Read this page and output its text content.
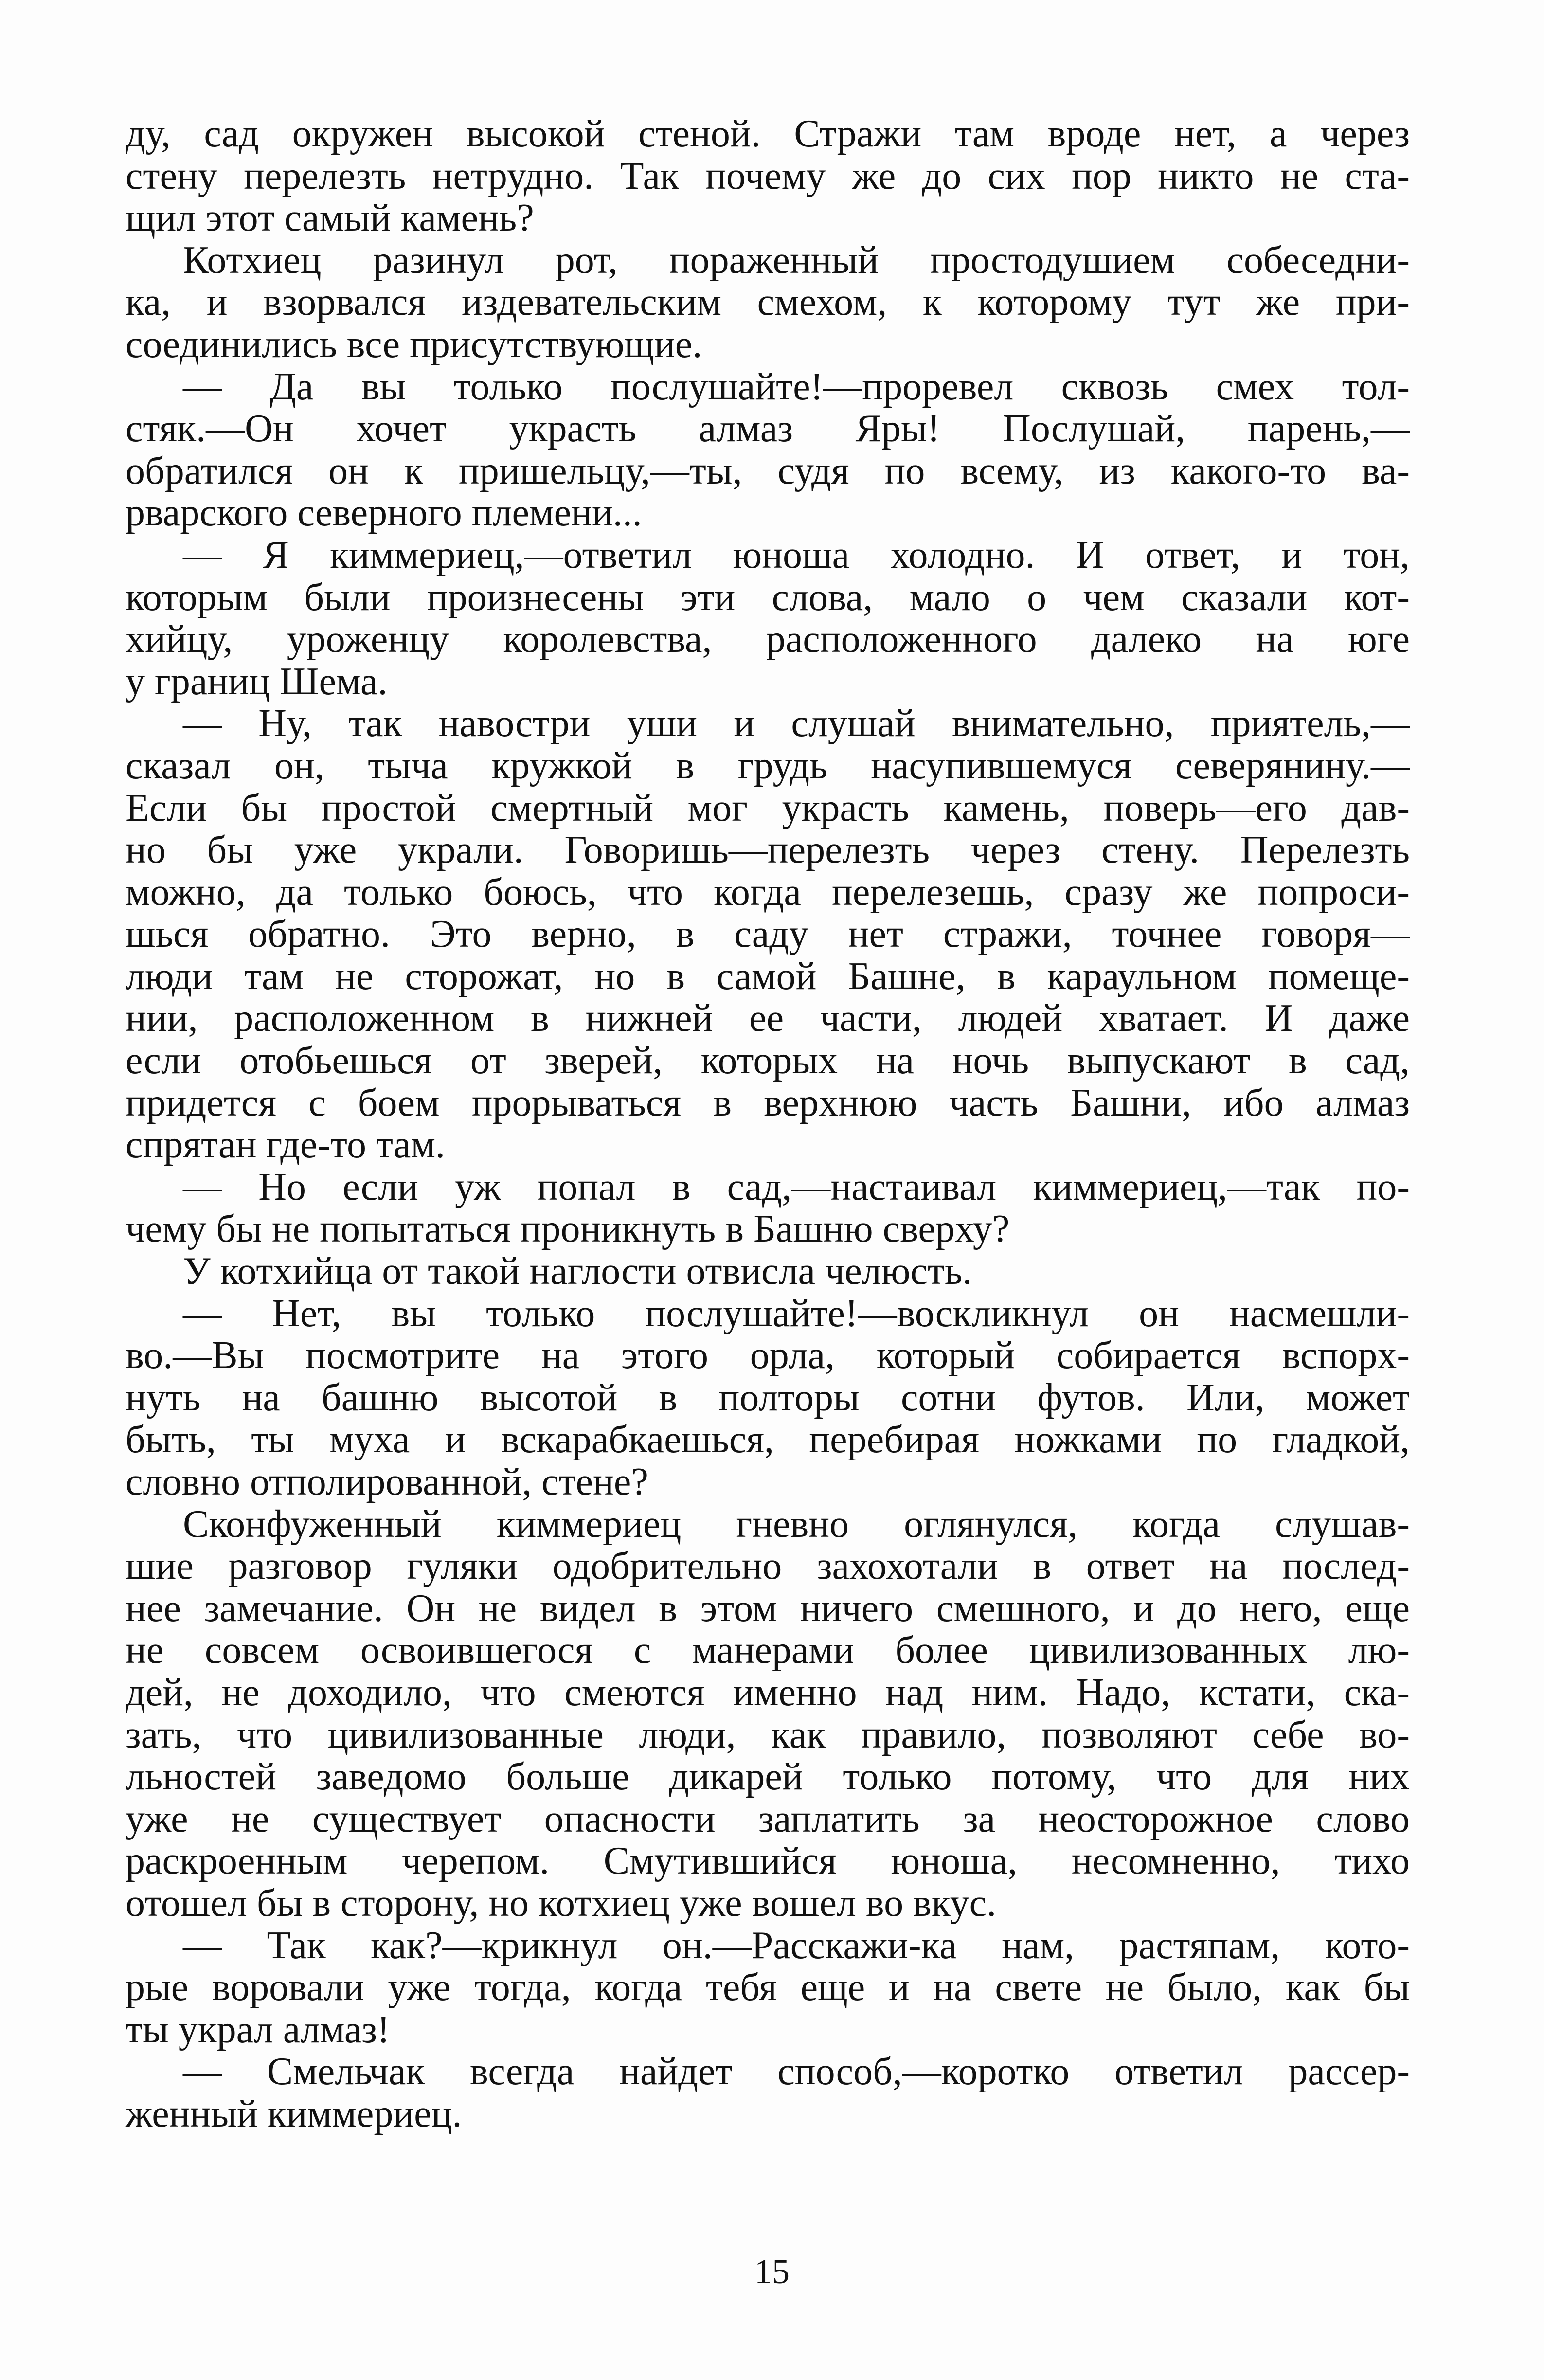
ду, сад окружен высокой стеной. Стражи там вроде нет, а через
стену перелезть нетрудно. Так почему же до сих пор никто не ста-
щил этот самый камень?
Котхиец разинул рот, пораженный простодушием собеседни-
ка, и взорвался издевательским смехом, к которому тут же при-
соединились все присутствующие.
— Да вы только послушайте!—проревел сквозь смех тол-
стяк.—Он хочет украсть алмаз Яры! Послушай, парень,—
обратился он к пришельцу,—ты, судя по всему, из какого-то ва-
рварского северного племени...
— Я киммериец,—ответил юноша холодно. И ответ, и тон,
которым были произнесены эти слова, мало о чем сказали кот-
хийцу, уроженцу королевства, расположенного далеко на юге
у границ Шема.
— Ну, так навостри уши и слушай внимательно, приятель,—
сказал он, тыча кружкой в грудь насупившемуся северянину.—
Если бы простой смертный мог украсть камень, поверь—его дав-
но бы уже украли. Говоришь—перелезть через стену. Перелезть
можно, да только боюсь, что когда перелезешь, сразу же попроси-
шься обратно. Это верно, в саду нет стражи, точнее говоря—
люди там не сторожат, но в самой Башне, в караульном помеще-
нии, расположенном в нижней ее части, людей хватает. И даже
если отобьешься от зверей, которых на ночь выпускают в сад,
придется с боем прорываться в верхнюю часть Башни, ибо алмаз
спрятан где-то там.
— Но если уж попал в сад,—настаивал киммериец,—так по-
чему бы не попытаться проникнуть в Башню сверху?
У котхийца от такой наглости отвисла челюсть.
— Нет, вы только послушайте!—воскликнул он насмешли-
во.—Вы посмотрите на этого орла, который собирается вспорх-
нуть на башню высотой в полторы сотни футов. Или, может
быть, ты муха и вскарабкаешься, перебирая ножками по гладкой,
словно отполированной, стене?
Сконфуженный киммериец гневно оглянулся, когда слушав-
шие разговор гуляки одобрительно захохотали в ответ на послед-
нее замечание. Он не видел в этом ничего смешного, и до него, еще
не совсем освоившегося с манерами более цивилизованных лю-
дей, не доходило, что смеются именно над ним. Надо, кстати, ска-
зать, что цивилизованные люди, как правило, позволяют себе во-
льностей заведомо больше дикарей только потому, что для них
уже не существует опасности заплатить за неосторожное слово
раскроенным черепом. Смутившийся юноша, несомненно, тихо
отошел бы в сторону, но котхиец уже вошел во вкус.
— Так как?—крикнул он.—Расскажи-ка нам, растяпам, кото-
рые воровали уже тогда, когда тебя еще и на свете не было, как бы
ты украл алмаз!
— Смельчак всегда найдет способ,—коротко ответил рассер-
женный киммериец.
15
